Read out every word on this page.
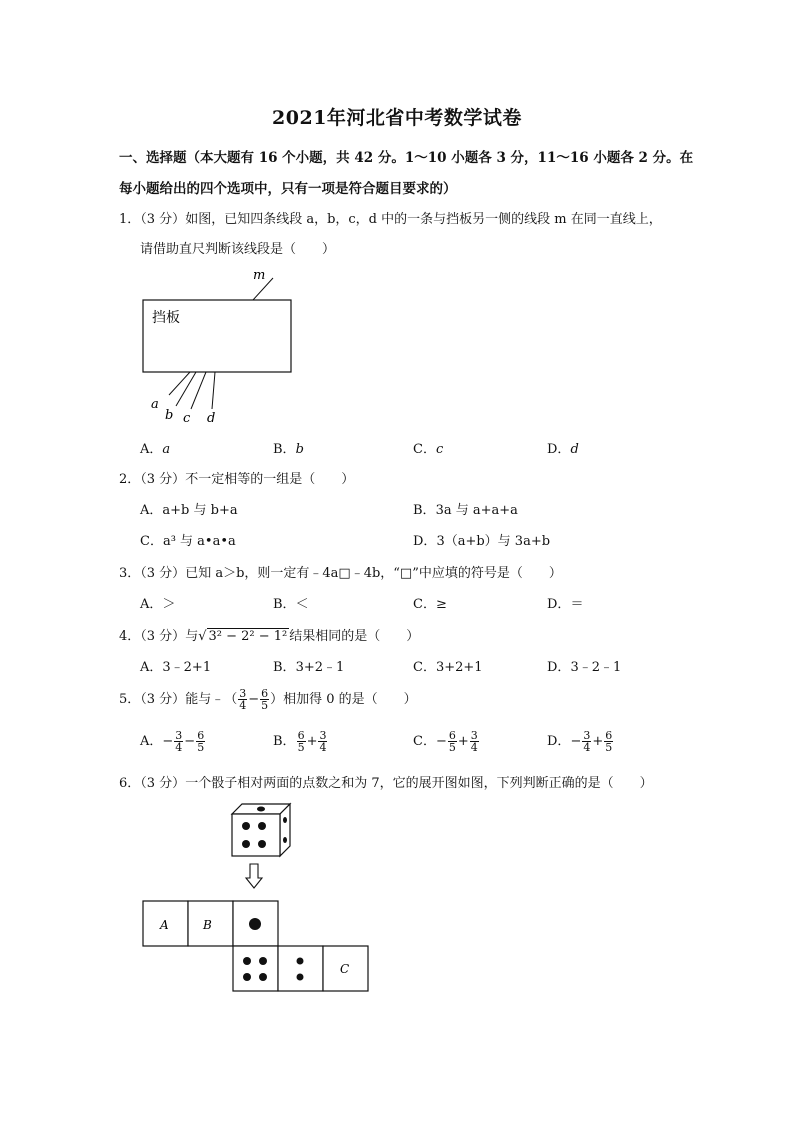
2021年河北省中考数学试卷
一、选择题（本大题有 16 个小题，共 42 分。1～10 小题各 3 分，11～16 小题各 2 分。在
每小题给出的四个选项中，只有一项是符合题目要求的）
1．（3 分）如图，已知四条线段 a，b，c，d 中的一条与挡板另一侧的线段 m 在同一直线上，
请借助直尺判断该线段是（　　）
挡板
m
a
b c d
A．a	B．b	C．c	D．d
2．（3 分）不一定相等的一组是（　　）
A．a+b 与 b+a	B．3a 与 a+a+a
C．a³ 与 a•a•a	D．3（a+b）与 3a+b
3．（3 分）已知 a＞b，则一定有﹣4a□﹣4b，“□”中应填的符号是（　　）
A．＞	B．＜	C．≥	D．＝
4．（3 分）与√ 3² − 2² − 1² 结果相同的是（　　）
A．3﹣2+1	B．3+2﹣1	C．3+2+1	D．3﹣2﹣1
5．（3 分）能与﹣（ $\frac{3}{4} - \frac{6}{5}$ ）相加得 0 的是（　　）
A．− $\frac{3}{4} - \frac{6}{5}$	B． $\frac{6}{5} + \frac{3}{4}$	C．− $\frac{6}{5} + \frac{3}{4}$	D．− $\frac{3}{4} + \frac{6}{5}$
6．（3 分）一个骰子相对两面的点数之和为 7，它的展开图如图，下列判断正确的是（　　）
A	B
C
